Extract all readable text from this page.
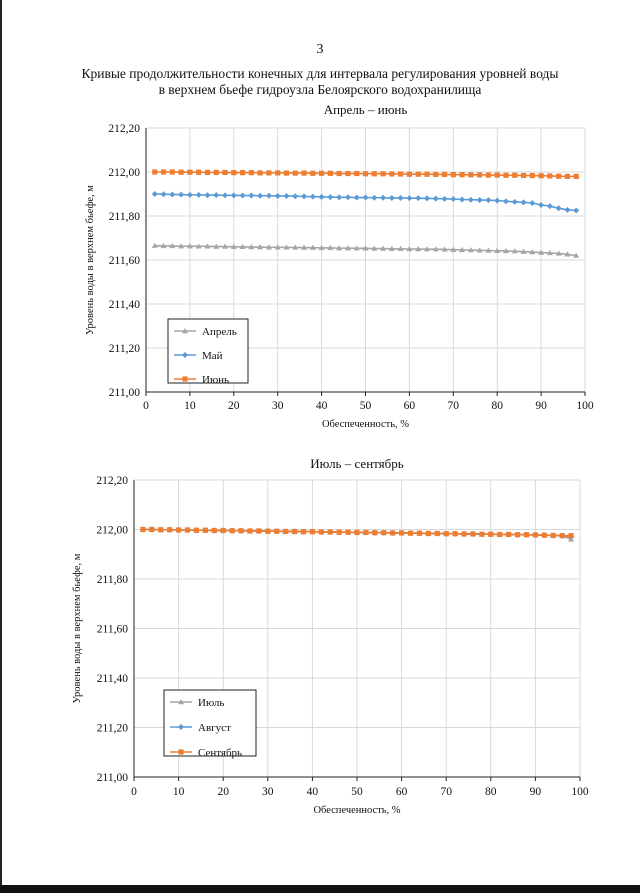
3
Кривые продолжительности конечных для интервала регулирования уровней воды
в верхнем бьефе гидроузла Белоярского водохранилища
Апрель – июнь
211,00
211,20
211,40
211,60
211,80
212,00
212,20
0	10	20	30	40	50	60	70	80	90	100
Обеспеченность, %
Уровень воды в верхнем бьефе, м	Апрель
Май
Июнь
Июль – сентябрь
211,00
211,20
211,40
211,60
211,80
212,00
212,20
0	10	20	30	40	50	60	70	80	90	100
Обеспеченность, %
Уровень воды в верхнем бьефе, м	Июль
Август
Сентябрь
